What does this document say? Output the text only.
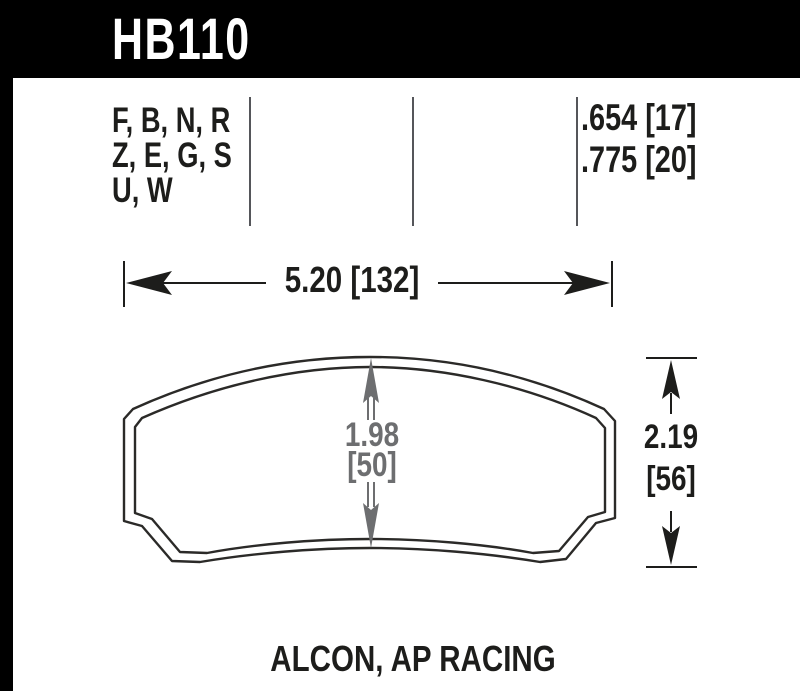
HB110
F, B, N, R
Z, E, G, S
U, W
.654 [17]
.775 [20]
5.20 [132]
2.19
[56]
1.98
[50]
ALCON, AP RACING
